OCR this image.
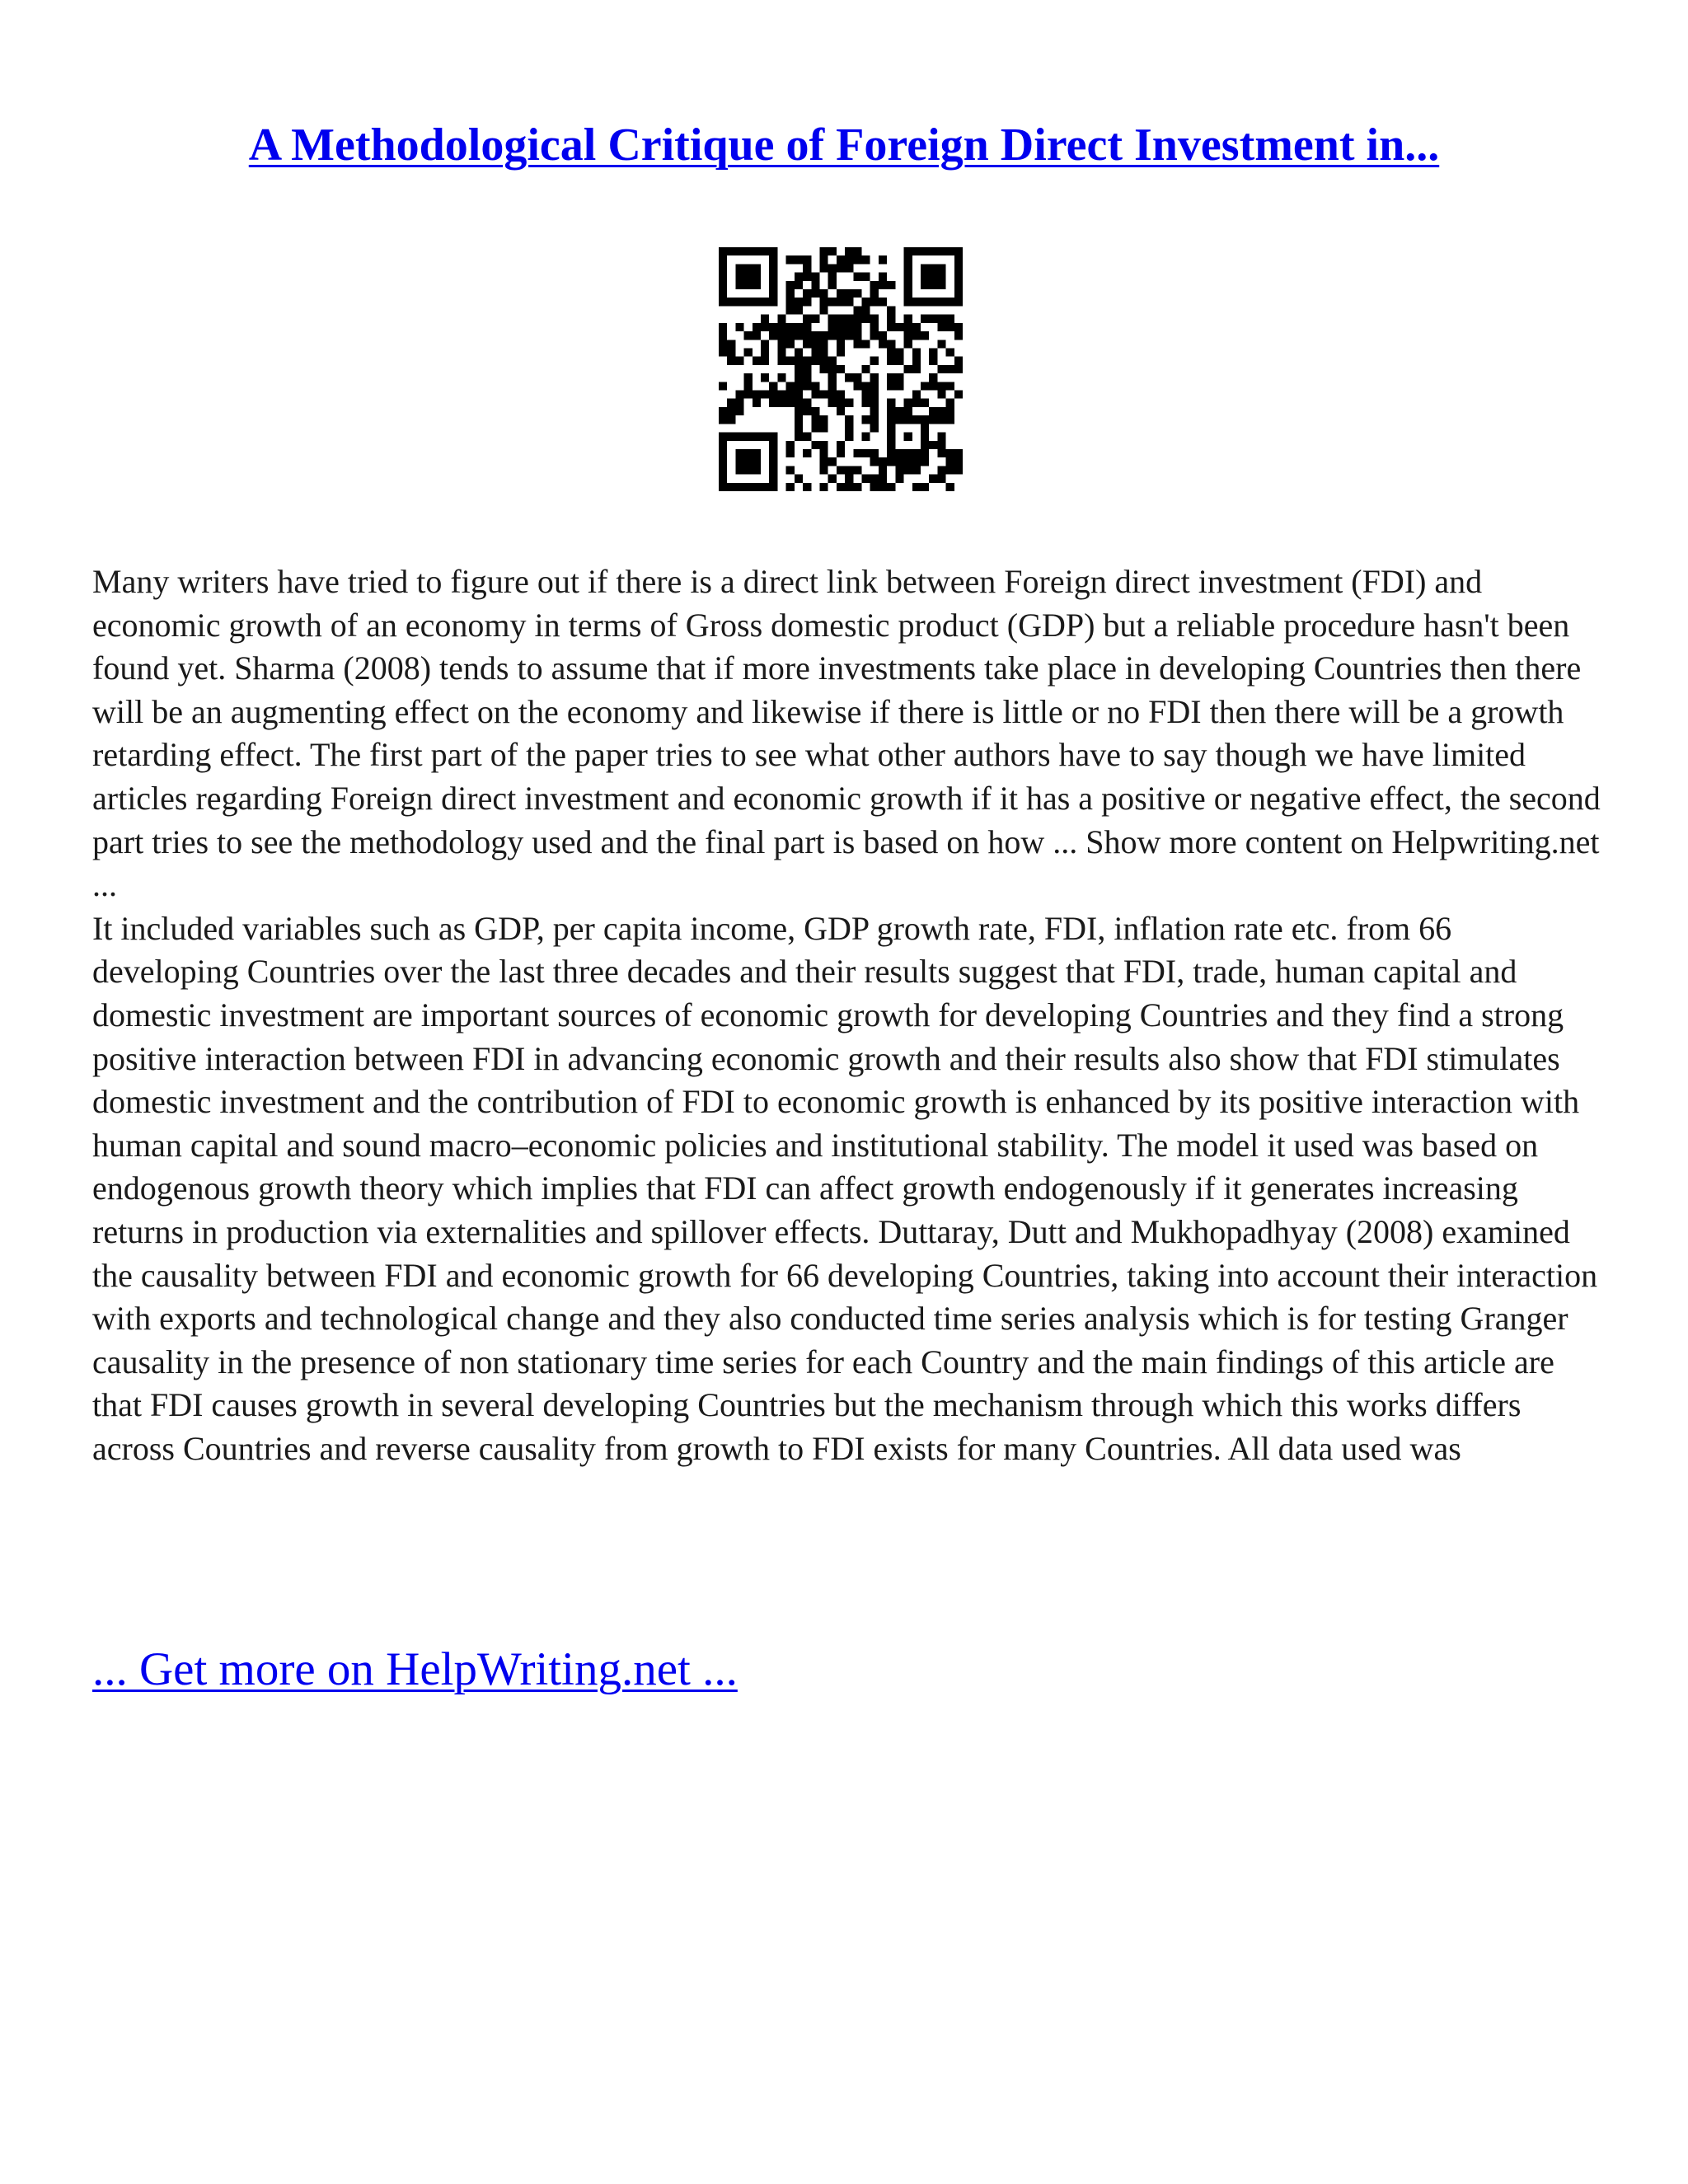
A Methodological Critique of Foreign Direct Investment in...

Many writers have tried to figure out if there is a direct link between Foreign direct investment (FDI) and economic growth of an economy in terms of Gross domestic product (GDP) but a reliable procedure hasn't been found yet. Sharma (2008) tends to assume that if more investments take place in developing Countries then there will be an augmenting effect on the economy and likewise if there is little or no FDI then there will be a growth retarding effect. The first part of the paper tries to see what other authors have to say though we have limited articles regarding Foreign direct investment and economic growth if it has a positive or negative effect, the second part tries to see the methodology used and the final part is based on how ... Show more content on Helpwriting.net ...

It included variables such as GDP, per capita income, GDP growth rate, FDI, inflation rate etc. from 66 developing Countries over the last three decades and their results suggest that FDI, trade, human capital and domestic investment are important sources of economic growth for developing Countries and they find a strong positive interaction between FDI in advancing economic growth and their results also show that FDI stimulates domestic investment and the contribution of FDI to economic growth is enhanced by its positive interaction with human capital and sound macro–economic policies and institutional stability. The model it used was based on endogenous growth theory which implies that FDI can affect growth endogenously if it generates increasing returns in production via externalities and spillover effects. Duttaray, Dutt and Mukhopadhyay (2008) examined the causality between FDI and economic growth for 66 developing Countries, taking into account their interaction with exports and technological change and they also conducted time series analysis which is for testing Granger causality in the presence of non stationary time series for each Country and the main findings of this article are that FDI causes growth in several developing Countries but the mechanism through which this works differs across Countries and reverse causality from growth to FDI exists for many Countries. All data used was

... Get more on HelpWriting.net ...
